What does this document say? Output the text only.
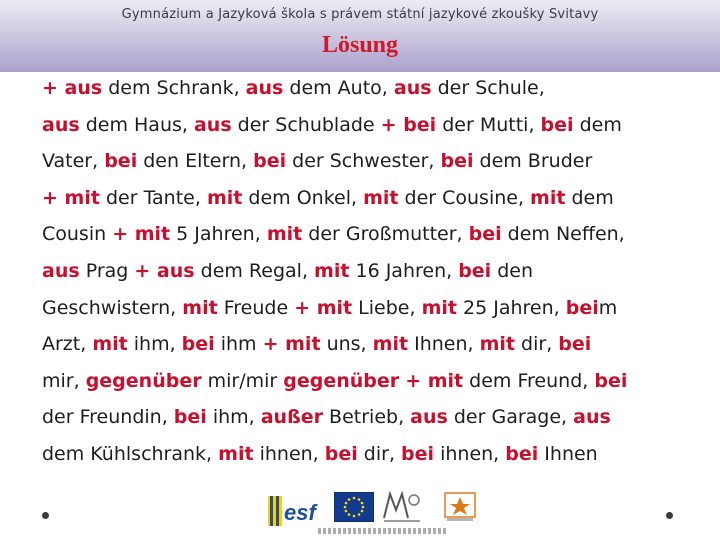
Gymnázium a Jazyková škola s právem státní jazykové zkoušky Svitavy
Lösung
+ aus dem Schrank, aus dem Auto, aus der Schule,
aus dem Haus, aus der Schublade + bei der Mutti, bei dem
Vater, bei den Eltern, bei der Schwester, bei dem Bruder
+ mit der Tante, mit dem Onkel, mit der Cousine, mit dem
Cousin + mit 5 Jahren, mit der Großmutter, bei dem Neffen,
aus Prag + aus dem Regal, mit 16 Jahren, bei den
Geschwistern, mit Freude + mit Liebe, mit 25 Jahren, beim
Arzt, mit ihm, bei ihm + mit uns, mit Ihnen, mit dir, bei
mir, gegenüber mir/mir gegenüber + mit dem Freund, bei
der Freundin, bei ihm, außer Betrieb, aus der Garage, aus
dem Kühlschrank, mit ihnen, bei dir, bei ihnen, bei Ihnen
esf
